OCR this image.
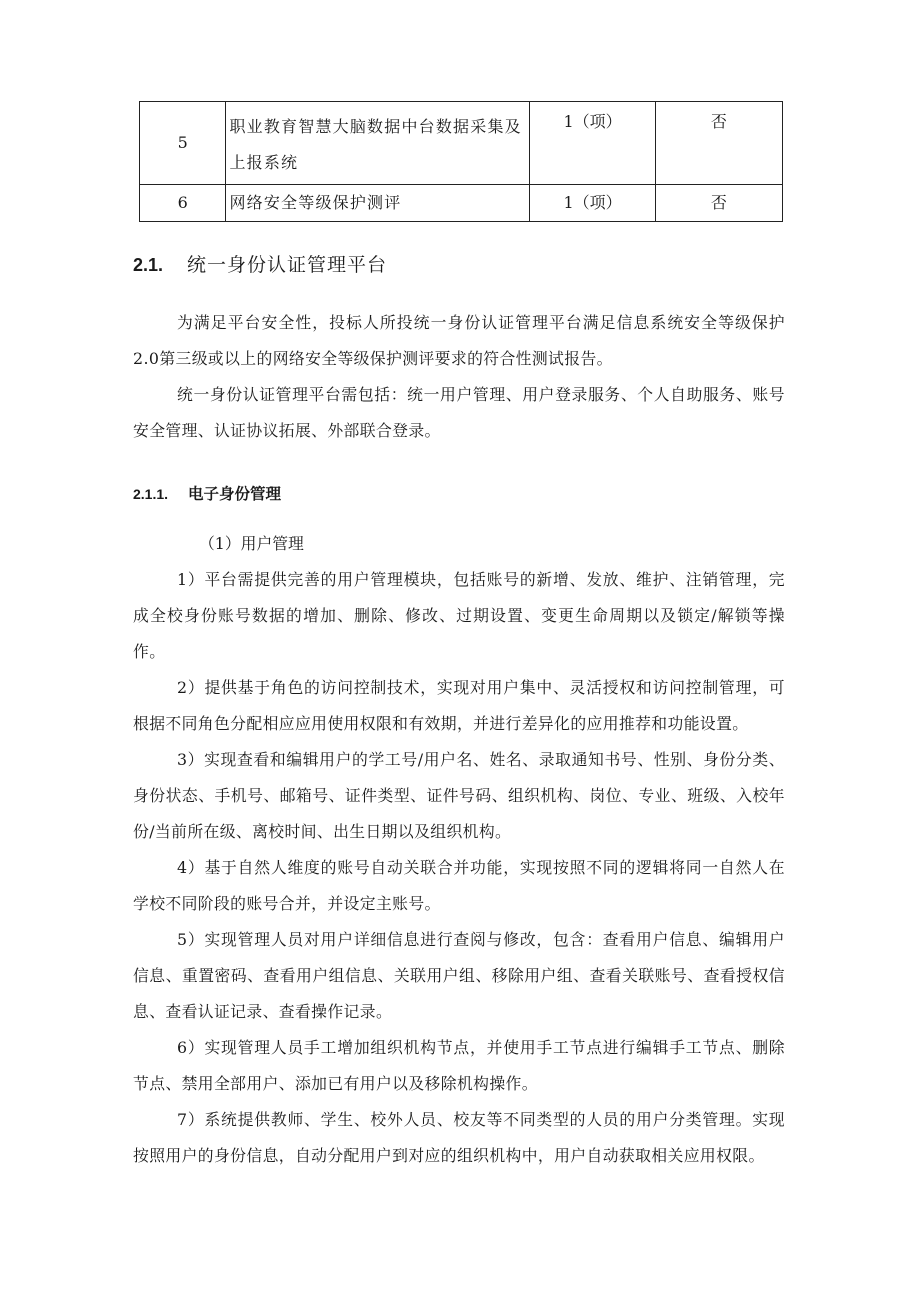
5	职业教育智慧大脑数据中台数据采集及上报系统	1（项）	否
6	网络安全等级保护测评	1（项）	否
2.1. 统一身份认证管理平台

为满足平台安全性，投标人所投统一身份认证管理平台满足信息系统安全等级保护2.0第三级或以上的网络安全等级保护测评要求的符合性测试报告。

统一身份认证管理平台需包括：统一用户管理、用户登录服务、个人自助服务、账号安全管理、认证协议拓展、外部联合登录。

2.1.1. 电子身份管理

（1）用户管理

1）平台需提供完善的用户管理模块，包括账号的新增、发放、维护、注销管理，完成全校身份账号数据的增加、删除、修改、过期设置、变更生命周期以及锁定/解锁等操作。

2）提供基于角色的访问控制技术，实现对用户集中、灵活授权和访问控制管理，可根据不同角色分配相应应用使用权限和有效期，并进行差异化的应用推荐和功能设置。

3）实现查看和编辑用户的学工号/用户名、姓名、录取通知书号、性别、身份分类、身份状态、手机号、邮箱号、证件类型、证件号码、组织机构、岗位、专业、班级、入校年份/当前所在级、离校时间、出生日期以及组织机构。

4）基于自然人维度的账号自动关联合并功能，实现按照不同的逻辑将同一自然人在学校不同阶段的账号合并，并设定主账号。

5）实现管理人员对用户详细信息进行查阅与修改，包含：查看用户信息、编辑用户信息、重置密码、查看用户组信息、关联用户组、移除用户组、查看关联账号、查看授权信息、查看认证记录、查看操作记录。

6）实现管理人员手工增加组织机构节点，并使用手工节点进行编辑手工节点、删除节点、禁用全部用户、添加已有用户以及移除机构操作。

7）系统提供教师、学生、校外人员、校友等不同类型的人员的用户分类管理。实现按照用户的身份信息，自动分配用户到对应的组织机构中，用户自动获取相关应用权限。
